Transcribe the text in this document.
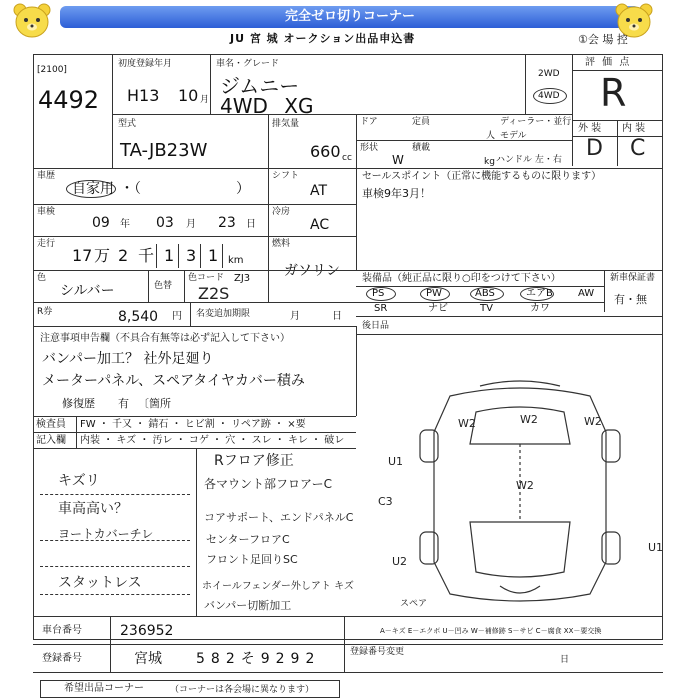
完全ゼロ切りコーナー
JU 宮 城 オークション出品申込書	①会 場 控
[2100]
4492
初度登録年月
H13 10 月
車名・グレード
ジムニー
4WD XG
2WD
4WD
評 価 点
R
型式
TA-JB23W
排気量
660 cc
ドア	定員
人
ディーラー・並行
モデル
形状
W
積載
kg ハンドル 左・右
外 装 内 装
D C
車歴
自家用 ・（	）
シフト
AT
セールスポイント（正常に機能するものに限ります）
車検9年3月！
車検
09 年 03 月 23 日
冷房
AC
走行
17 万 2 千 1 3 1 km
燃料
ガソリン
色
シルバー	色替
色コード ZJ3
Z2S
装備品（純正品に限り○印をつけて下さい）	新車保証書
有・無
PS	PW	ABS	エアB	AW
SR	ナビ	TV	カワ
R券	8,540 円 名変追加期限	月	日
後日品
注意事項申告欄（不具合有無等は必ず記入して下さい）
バンパー加工？ 社外足廻り
メーターパネル、スペアタイヤカバー積み
修復歴 有 〔箇所
検査員 FW ・ 千又 ・ 錆石 ・ ヒビ割 ・ リペア跡 ・ ×要
記入欄 内装 ・ キズ ・ 汚レ ・ コゲ ・ 穴 ・ スレ ・ キレ ・ 破レ
キズリ
車高高い？
ヨートカバーチレ
スタットレス
Rフロア修正
各マウント部フロアーC
コアサポート、エンドパネルC
センターフロアC
フロント足回りSC
ホイールフェンダー外しアト キズ
バンパー切断加工
W2	W2	W2
W2
U1
C3
U2
U1
スペア
A－キズ E－エクボ U－凹み W－補修跡 S－サビ C－腐食 XX－要交換
車台番号	236952
登録番号	宮城 582そ9292	登録番号変更
日
希望出品コーナー	（コーナーは各会場に異なります）
